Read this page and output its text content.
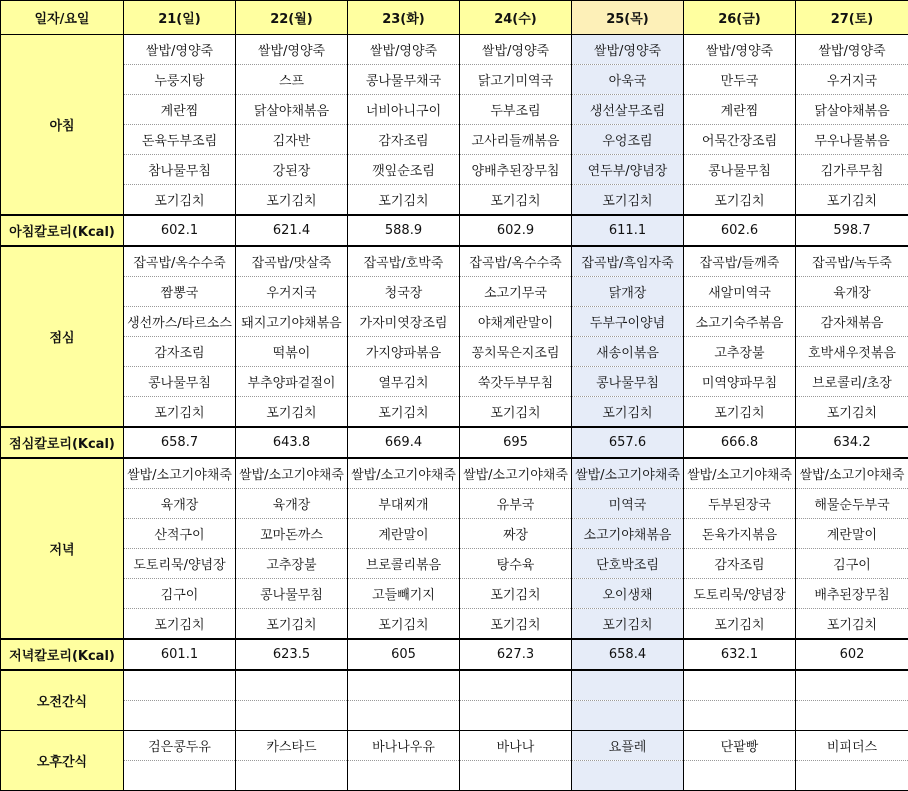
일자/요일	21(일)	22(월)	23(화)	24(수)	25(목)	26(금)	27(토)
아침	쌀밥/영양죽	쌀밥/영양죽	쌀밥/영양죽	쌀밥/영양죽	쌀밥/영양죽	쌀밥/영양죽	쌀밥/영양죽

	누룽지탕	스프	콩나물무채국	닭고기미역국	아욱국	만두국	우거지국

	계란찜	닭살야채볶음	너비아니구이	두부조림	생선살무조림	계란찜	닭살야채볶음

	돈육두부조림	김자반	감자조림	고사리들깨볶음	우엉조림	어묵간장조림	무우나물볶음

	참나물무침	강된장	깻잎순조림	양배추된장무침	연두부/양념장	콩나물무침	김가루무침

	포기김치	포기김치	포기김치	포기김치	포기김치	포기김치	포기김치

아침칼로리(Kcal)	602.1	621.4	588.9	602.9	611.1	602.6	598.7
점심	잡곡밥/옥수수죽	잡곡밥/맛살죽	잡곡밥/호박죽	잡곡밥/옥수수죽	잡곡밥/흑임자죽	잡곡밥/들깨죽	잡곡밥/녹두죽

	짬뽕국	우거지국	청국장	소고기무국	닭개장	새알미역국	육개장

	생선까스/타르소스	돼지고기야채볶음	가자미엿장조림	야채계란말이	두부구이양념	소고기숙주볶음	감자채볶음

	감자조림	떡볶이	가지양파볶음	꽁치묵은지조림	새송이볶음	고추장불	호박새우젓볶음

	콩나물무침	부추양파겉절이	열무김치	쑥갓두부무침	콩나물무침	미역양파무침	브로콜리/초장

	포기김치	포기김치	포기김치	포기김치	포기김치	포기김치	포기김치

점심칼로리(Kcal)	658.7	643.8	669.4	695	657.6	666.8	634.2
저녁	쌀밥/소고기야채죽	쌀밥/소고기야채죽	쌀밥/소고기야채죽	쌀밥/소고기야채죽	쌀밥/소고기야채죽	쌀밥/소고기야채죽	쌀밥/소고기야채죽

	육개장	육개장	부대찌개	유부국	미역국	두부된장국	해물순두부국

	산적구이	꼬마돈까스	계란말이	짜장	소고기야채볶음	돈육가지볶음	계란말이

	도토리묵/양념장	고추장불	브로콜리볶음	탕수육	단호박조림	감자조림	김구이

	김구이	콩나물무침	고들빼기지	포기김치	오이생채	도토리묵/양념장	배추된장무침

	포기김치	포기김치	포기김치	포기김치	포기김치	포기김치	포기김치

저녁칼로리(Kcal)	601.1	623.5	605	627.3	658.4	632.1	602
오전간식	

오후간식	검은콩두유	카스타드	바나나우유	바나나	요플레	단팥빵	비피더스
